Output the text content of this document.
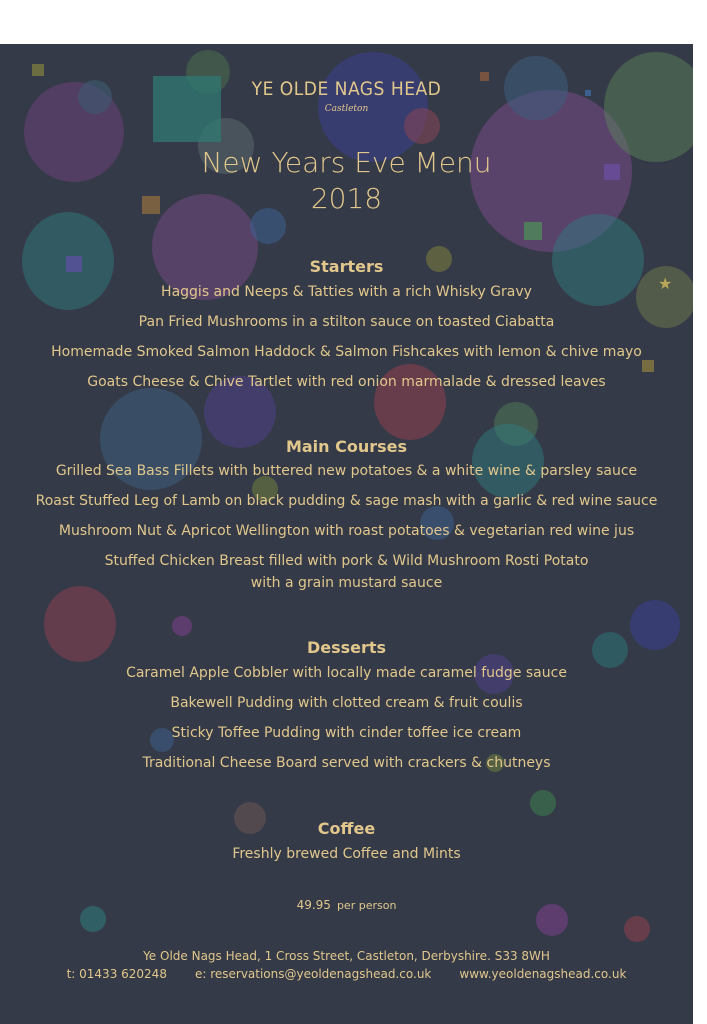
★
YE OLDE NAGS HEAD
Castleton
New Years Eve Menu
2018
Starters
Haggis and Neeps & Tatties with a rich Whisky Gravy
Pan Fried Mushrooms in a stilton sauce on toasted Ciabatta
Homemade Smoked Salmon Haddock & Salmon Fishcakes with lemon & chive mayo
Goats Cheese & Chive Tartlet with red onion marmalade & dressed leaves
Main Courses
Grilled Sea Bass Fillets with buttered new potatoes & a white wine & parsley sauce
Roast Stuffed Leg of Lamb on black pudding & sage mash with a garlic & red wine sauce
Mushroom Nut & Apricot Wellington with roast potatoes & vegetarian red wine jus
Stuffed Chicken Breast filled with pork & Wild Mushroom Rosti Potato
with a grain mustard sauce
Desserts
Caramel Apple Cobbler with locally made caramel fudge sauce
Bakewell Pudding with clotted cream & fruit coulis
Sticky Toffee Pudding with cinder toffee ice cream
Traditional Cheese Board served with crackers & chutneys
Coffee
Freshly brewed Coffee and Mints
49.95 per person
Ye Olde Nags Head, 1 Cross Street, Castleton, Derbyshire. S33 8WH
t: 01433 620248 e: reservations@yeoldenagshead.co.uk www.yeoldenagshead.co.uk
